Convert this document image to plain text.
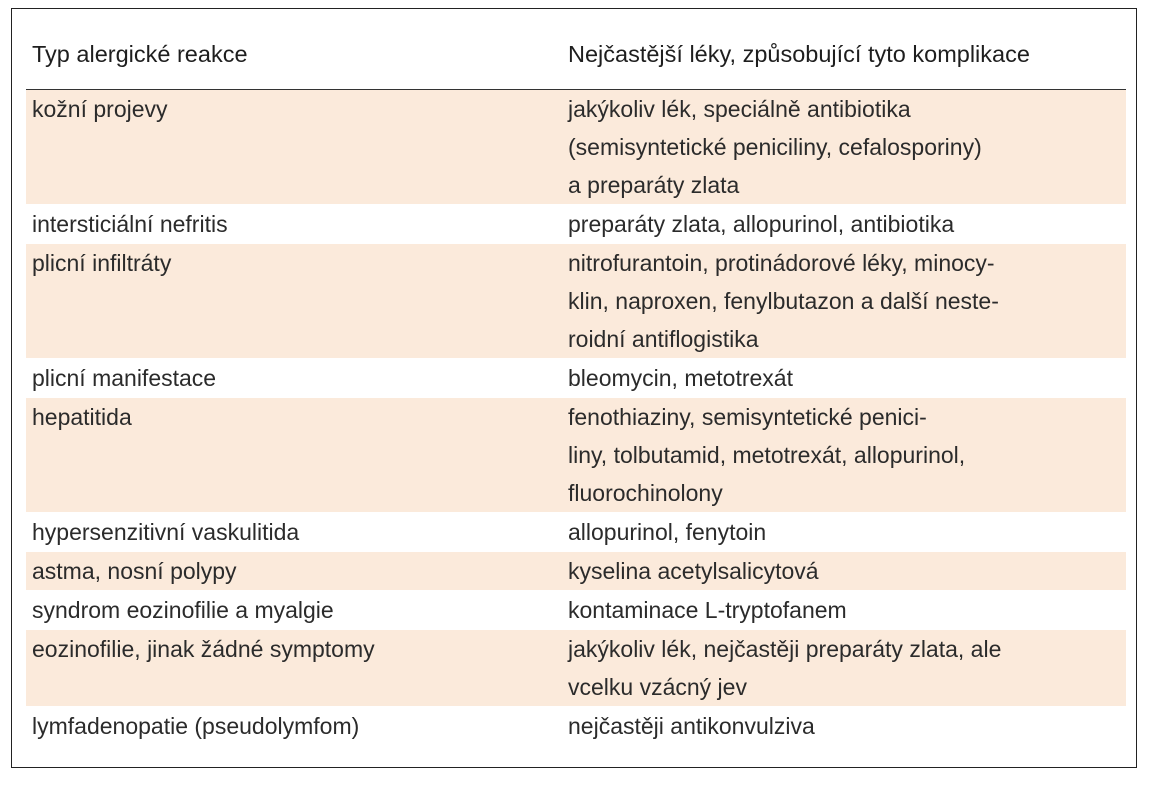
Typ alergické reakce	Nejčastější léky, způsobující tyto komplikace
kožní projevy	jakýkoliv lék, speciálně antibiotika
(semisyntetické peniciliny, cefalosporiny)
a preparáty zlata

intersticiální nefritis	preparáty zlata, allopurinol, antibiotika

plicní infiltráty	nitrofurantoin, protinádorové léky, minocy-
klin, naproxen, fenylbutazon a další neste-
roidní antiflogistika

plicní manifestace	bleomycin, metotrexát

hepatitida	fenothiaziny, semisyntetické penici-
liny, tolbutamid, metotrexát, allopurinol,
fluorochinolony

hypersenzitivní vaskulitida	allopurinol, fenytoin

astma, nosní polypy	kyselina acetylsalicytová

syndrom eozinofilie a myalgie	kontaminace L-tryptofanem

eozinofilie, jinak žádné symptomy	jakýkoliv lék, nejčastěji preparáty zlata, ale
vcelku vzácný jev

lymfadenopatie (pseudolymfom)	nejčastěji antikonvulziva
